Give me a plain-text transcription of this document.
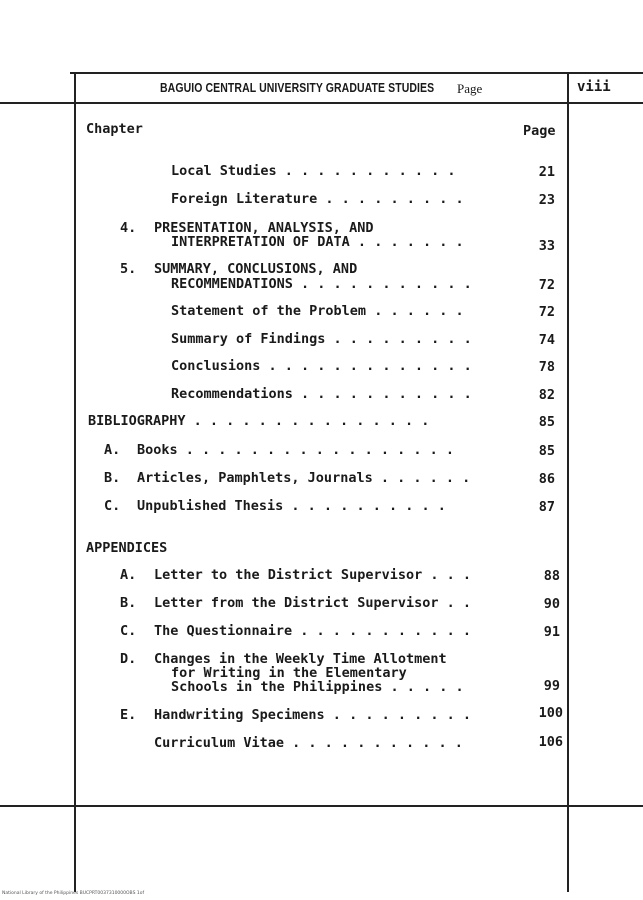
BAGUIO CENTRAL UNIVERSITY GRADUATE STUDIES Page	viii
Chapter	Page
Local Studies . . . . . . . . . . .	21
Foreign Literature . . . . . . . . .	23
4. PRESENTATION, ANALYSIS, AND
INTERPRETATION OF DATA . . . . . . .	33
5. SUMMARY, CONCLUSIONS, AND
RECOMMENDATIONS . . . . . . . . . . .	72
Statement of the Problem . . . . . .	72
Summary of Findings . . . . . . . . .	74
Conclusions . . . . . . . . . . . . .	78
Recommendations . . . . . . . . . . .	82
BIBLIOGRAPHY . . . . . . . . . . . . . . .	85
A. Books . . . . . . . . . . . . . . . . .	85
B. Articles, Pamphlets, Journals . . . . . .	86
C. Unpublished Thesis . . . . . . . . . .	87
APPENDICES
A. Letter to the District Supervisor . . .	88
B. Letter from the District Supervisor . .	90
C. The Questionnaire . . . . . . . . . . .	91
D. Changes in the Weekly Time Allotment
for Writing in the Elementary
Schools in the Philippines . . . . .	99
E. Handwriting Specimens . . . . . . . . .	100
Curriculum Vitae . . . . . . . . . . .	106
National Library of the Philippines BUCPRT0037310000OBS 1of
